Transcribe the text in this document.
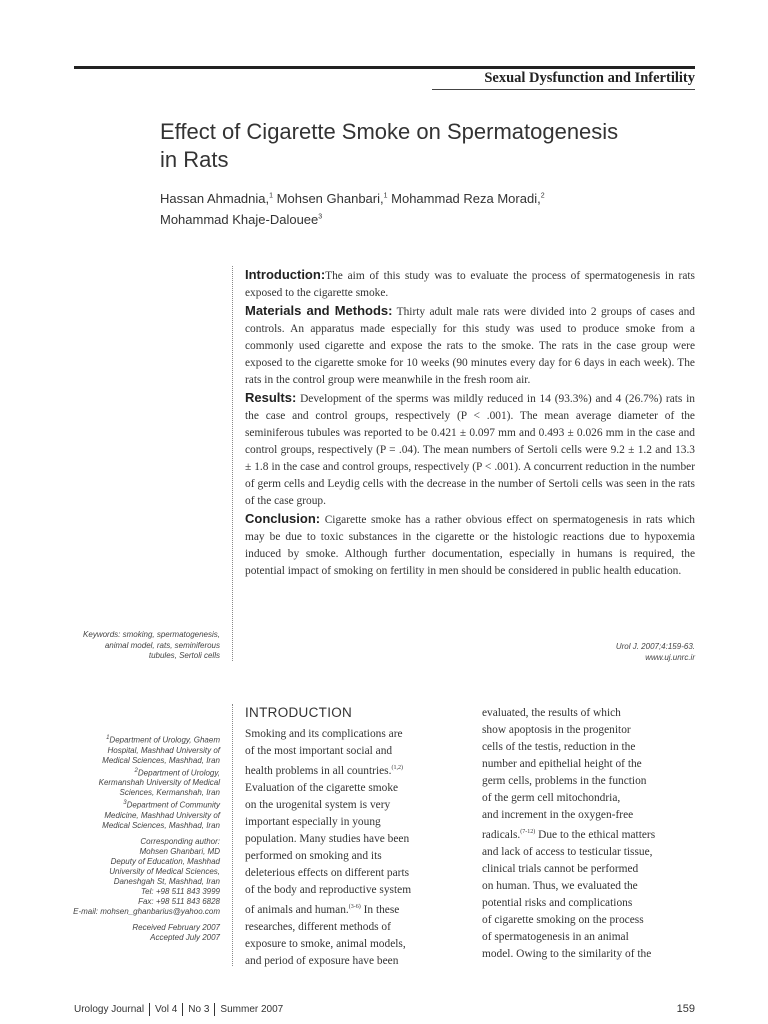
Sexual Dysfunction and Infertility
Effect of Cigarette Smoke on Spermatogenesis
in Rats
Hassan Ahmadnia,$^1$ Mohsen Ghanbari,$^1$ Mohammad Reza Moradi,$^2$
Mohammad Khaje-Dalouee$^3$

Introduction:The aim of this study was to evaluate the process of spermatogenesis in rats exposed to the cigarette smoke.

Materials and Methods: Thirty adult male rats were divided into 2 groups of cases and controls. An apparatus made especially for this study was used to produce smoke from a commonly used cigarette and expose the rats to the smoke. The rats in the case group were exposed to the cigarette smoke for 10 weeks (90 minutes every day for 6 days in each week). The rats in the control group were meanwhile in the fresh room air.

Results: Development of the sperms was mildly reduced in 14 (93.3%) and 4 (26.7%) rats in the case and control groups, respectively (P < .001). The mean average diameter of the seminiferous tubules was reported to be 0.421 ± 0.097 mm and 0.493 ± 0.026 mm in the case and control groups, respectively (P = .04). The mean numbers of Sertoli cells were 9.2 ± 1.2 and 13.3 ± 1.8 in the case and control groups, respectively (P < .001). A concurrent reduction in the number of germ cells and Leydig cells with the decrease in the number of Sertoli cells was seen in the rats of the case group.

Conclusion: Cigarette smoke has a rather obvious effect on spermatogenesis in rats which may be due to toxic substances in the cigarette or the histologic reactions due to hypoxemia induced by smoke. Although further documentation, especially in humans is required, the potential impact of smoking on fertility in men should be considered in public health education.

Keywords: smoking, spermatogenesis,
animal model, rats, seminiferous
tubules, Sertoli cells
Urol J. 2007;4:159-63.
www.uj.unrc.ir
$^1$Department of Urology, Ghaem
Hospital, Mashhad University of
Medical Sciences, Mashhad, Iran
$^2$Department of Urology,
Kermanshah University of Medical
Sciences, Kermanshah, Iran
$^3$Department of Community
Medicine, Mashhad University of
Medical Sciences, Mashhad, Iran
Corresponding author:
Mohsen Ghanbari, MD
Deputy of Education, Mashhad
University of Medical Sciences,
Daneshgah St, Mashhad, Iran
Tel: +98 511 843 3999
Fax: +98 511 843 6828
E-mail: mohsen_ghanbarius@yahoo.com
Received February 2007
Accepted July 2007
INTRODUCTION

Smoking and its complications are

of the most important social and

health problems in all countries.$^{(1,2)}$

Evaluation of the cigarette smoke

on the urogenital system is very

important especially in young

population. Many studies have been

performed on smoking and its

deleterious effects on different parts

of the body and reproductive system

of animals and human.$^{(3-6)}$ In these

researches, different methods of

exposure to smoke, animal models,

and period of exposure have been

evaluated, the results of which

show apoptosis in the progenitor

cells of the testis, reduction in the

number and epithelial height of the

germ cells, problems in the function

of the germ cell mitochondria,

and increment in the oxygen-free

radicals.$^{(7-12)}$ Due to the ethical matters

and lack of access to testicular tissue,

clinical trials cannot be performed

on human. Thus, we evaluated the

potential risks and complications

of cigarette smoking on the process

of spermatogenesis in an animal

model. Owing to the similarity of the

Urology Journal Vol 4 No 3 Summer 2007	159
